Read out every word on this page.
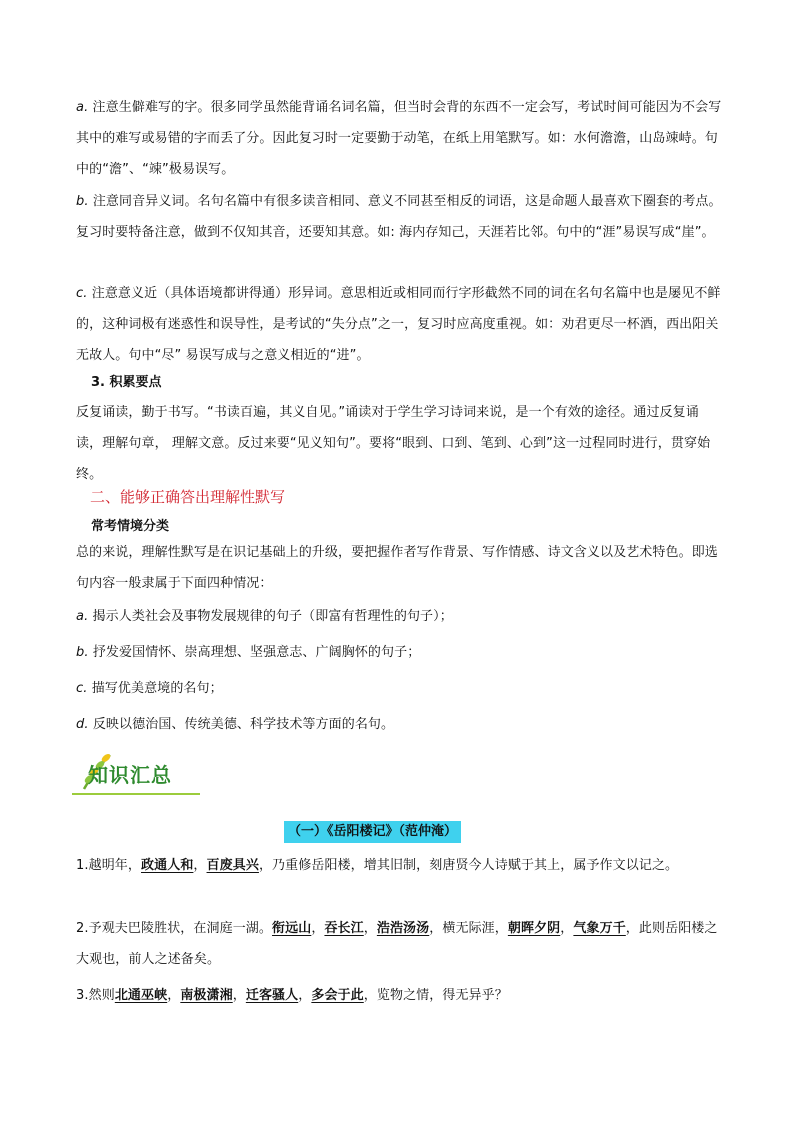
a. 注意生僻难写的字。很多同学虽然能背诵名词名篇，但当时会背的东西不一定会写，考试时间可能因为不会写其中的难写或易错的字而丢了分。因此复习时一定要勤于动笔，在纸上用笔默写。如：水何澹澹，山岛竦峙。句中的“澹”、“竦”极易误写。
b. 注意同音异义词。名句名篇中有很多读音相同、意义不同甚至相反的词语，这是命题人最喜欢下圈套的考点。复习时要特备注意，做到不仅知其音，还要知其意。如: 海内存知己，天涯若比邻。句中的“涯”易误写成“崖”。
c. 注意意义近（具体语境都讲得通）形异词。意思相近或相同而行字形截然不同的词在名句名篇中也是屡见不鲜的，这种词极有迷惑性和误导性，是考试的“失分点”之一，复习时应高度重视。如：劝君更尽一杯酒，西出阳关无故人。句中“尽” 易误写成与之意义相近的“进”。
3. 积累要点
反复诵读，勤于书写。“书读百遍，其义自见。”诵读对于学生学习诗词来说，是一个有效的途径。通过反复诵读，理解句章， 理解文意。反过来要“见义知句”。要将“眼到、口到、笔到、心到”这一过程同时进行，贯穿始终。
二、能够正确答出理解性默写
常考情境分类
总的来说，理解性默写是在识记基础上的升级，要把握作者写作背景、写作情感、诗文含义以及艺术特色。即选句内容一般隶属于下面四种情况：
a. 揭示人类社会及事物发展规律的句子（即富有哲理性的句子）；
b. 抒发爱国情怀、崇高理想、坚强意志、广阔胸怀的句子；
c. 描写优美意境的名句；
d. 反映以德治国、传统美德、科学技术等方面的名句。
知识汇总
（一）《岳阳楼记》（范仲淹）
1.越明年，政通人和，百废具兴，乃重修岳阳楼，增其旧制，刻唐贤今人诗赋于其上，属予作文以记之。
2.予观夫巴陵胜状，在洞庭一湖。衔远山，吞长江，浩浩汤汤，横无际涯，朝晖夕阴，气象万千，此则岳阳楼之大观也，前人之述备矣。
3.然则北通巫峡，南极潇湘，迁客骚人，多会于此，览物之情，得无异乎？
